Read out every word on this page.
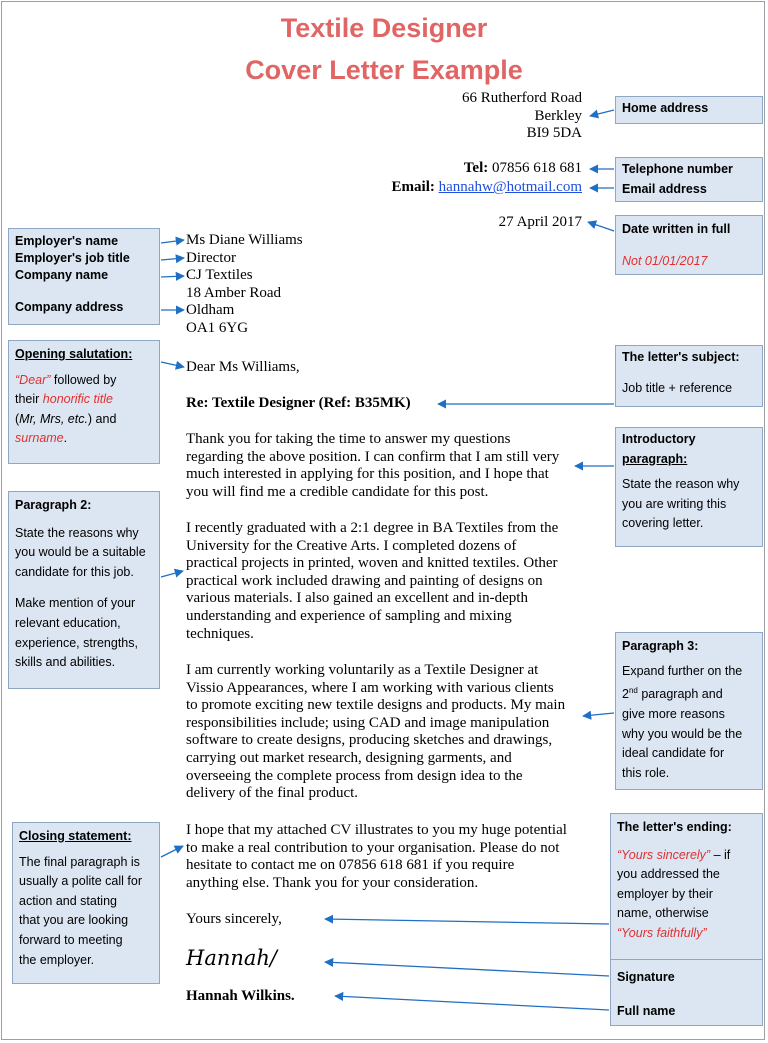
Textile Designer
Cover Letter Example
66 Rutherford Road
Berkley
BI9 5DA
Tel: 07856 618 681
Email: hannahw@hotmail.com
27 April 2017
Ms Diane Williams
Director
CJ Textiles
18 Amber Road
Oldham
OA1 6YG
Dear Ms Williams,
Re: Textile Designer (Ref: B35MK)
Thank you for taking the time to answer my questions
regarding the above position. I can confirm that I am still very
much interested in applying for this position, and I hope that
you will find me a credible candidate for this post.
I recently graduated with a 2:1 degree in BA Textiles from the
University for the Creative Arts. I completed dozens of
practical projects in printed, woven and knitted textiles. Other
practical work included drawing and painting of designs on
various materials. I also gained an excellent and in-depth
understanding and experience of sampling and mixing
techniques.
I am currently working voluntarily as a Textile Designer at
Vissio Appearances, where I am working with various clients
to promote exciting new textile designs and products. My main
responsibilities include; using CAD and image manipulation
software to create designs, producing sketches and drawings,
carrying out market research, designing garments, and
overseeing the complete process from design idea to the
delivery of the final product.
I hope that my attached CV illustrates to you my huge potential
to make a real contribution to your organisation. Please do not
hesitate to contact me on 07856 618 681 if you require
anything else. Thank you for your consideration.
Yours sincerely,
Hannah/
Hannah Wilkins.
Home address
Telephone number
Email address
Date written in full
Not 01/01/2017
The letter's subject:
Job title + reference
Introductory
paragraph:
State the reason why
you are writing this
covering letter.
Paragraph 3:
Expand further on the
2nd paragraph and
give more reasons
why you would be the
ideal candidate for
this role.
The letter's ending:
“Yours sincerely” – if
you addressed the
employer by their
name, otherwise
“Yours faithfully”
Signature
Full name
Employer's name
Employer's job title
Company name
Company address
Opening salutation:
“Dear” followed by
their honorific title
(Mr, Mrs, etc.) and
surname.
Paragraph 2:
State the reasons why
you would be a suitable
candidate for this job.
Make mention of your
relevant education,
experience, strengths,
skills and abilities.
Closing statement:
The final paragraph is
usually a polite call for
action and stating
that you are looking
forward to meeting
the employer.
